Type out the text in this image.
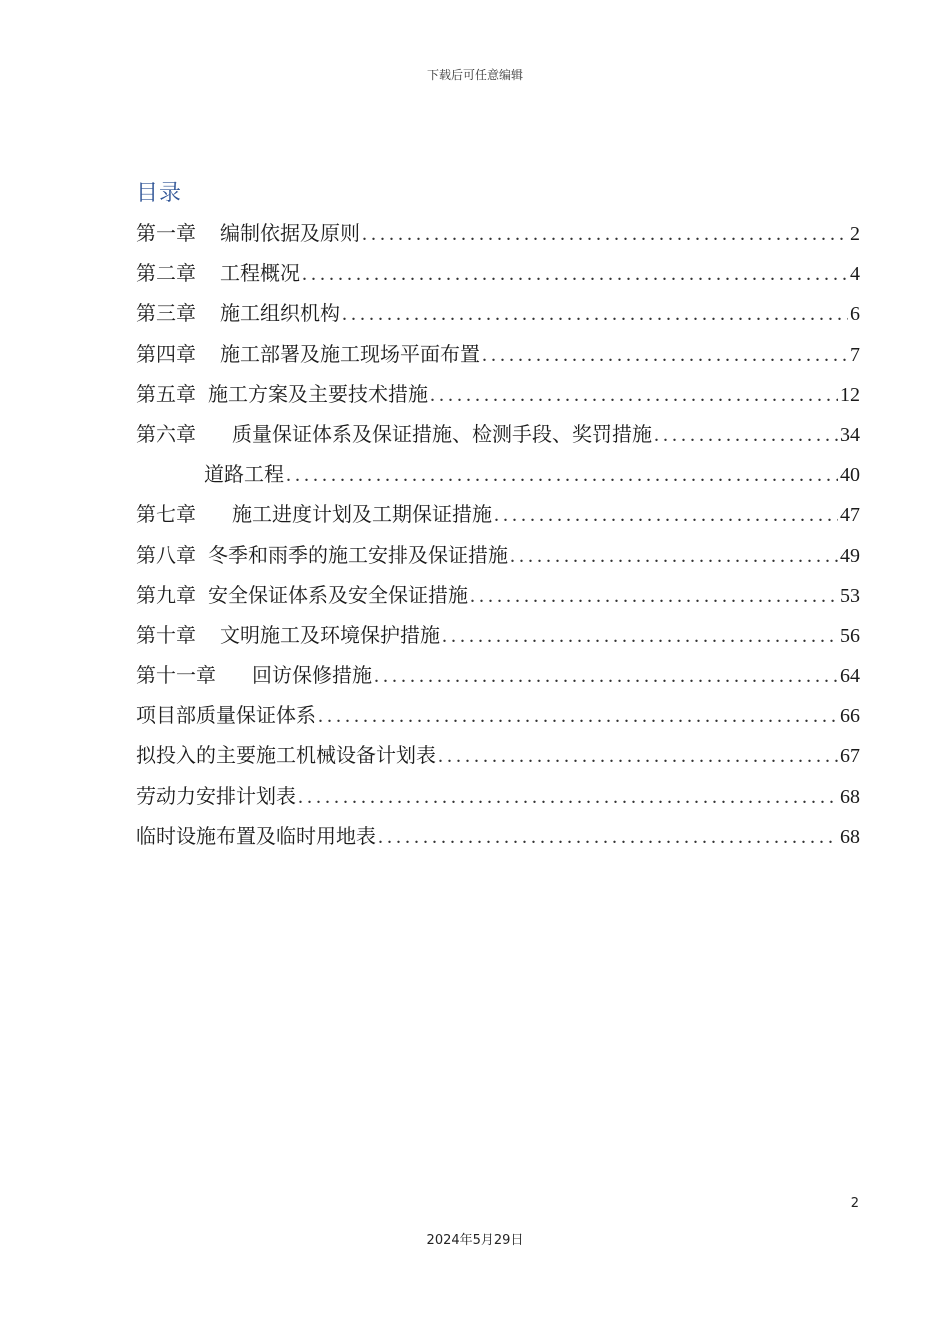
下载后可任意编辑
目录
第一章 编制依据及原则 .....	2
第二章 工程概况 .....	4
第三章 施工组织机构 .....	6
第四章 施工部署及施工现场平面布置 .....	7
第五章 施工方案及主要技术措施 .....	12
第六章 质量保证体系及保证措施、检测手段、奖罚措施 .....	34
道路工程 .....	40
第七章 施工进度计划及工期保证措施 .....	47
第八章 冬季和雨季的施工安排及保证措施 .....	49
第九章 安全保证体系及安全保证措施 .....	53
第十章 文明施工及环境保护措施 .....	56
第十一章 回访保修措施 .....	64
项目部质量保证体系 .....	66
拟投入的主要施工机械设备计划表 .....	67
劳动力安排计划表 .....	68
临时设施布置及临时用地表 .....	68
2
2024年5月29日
